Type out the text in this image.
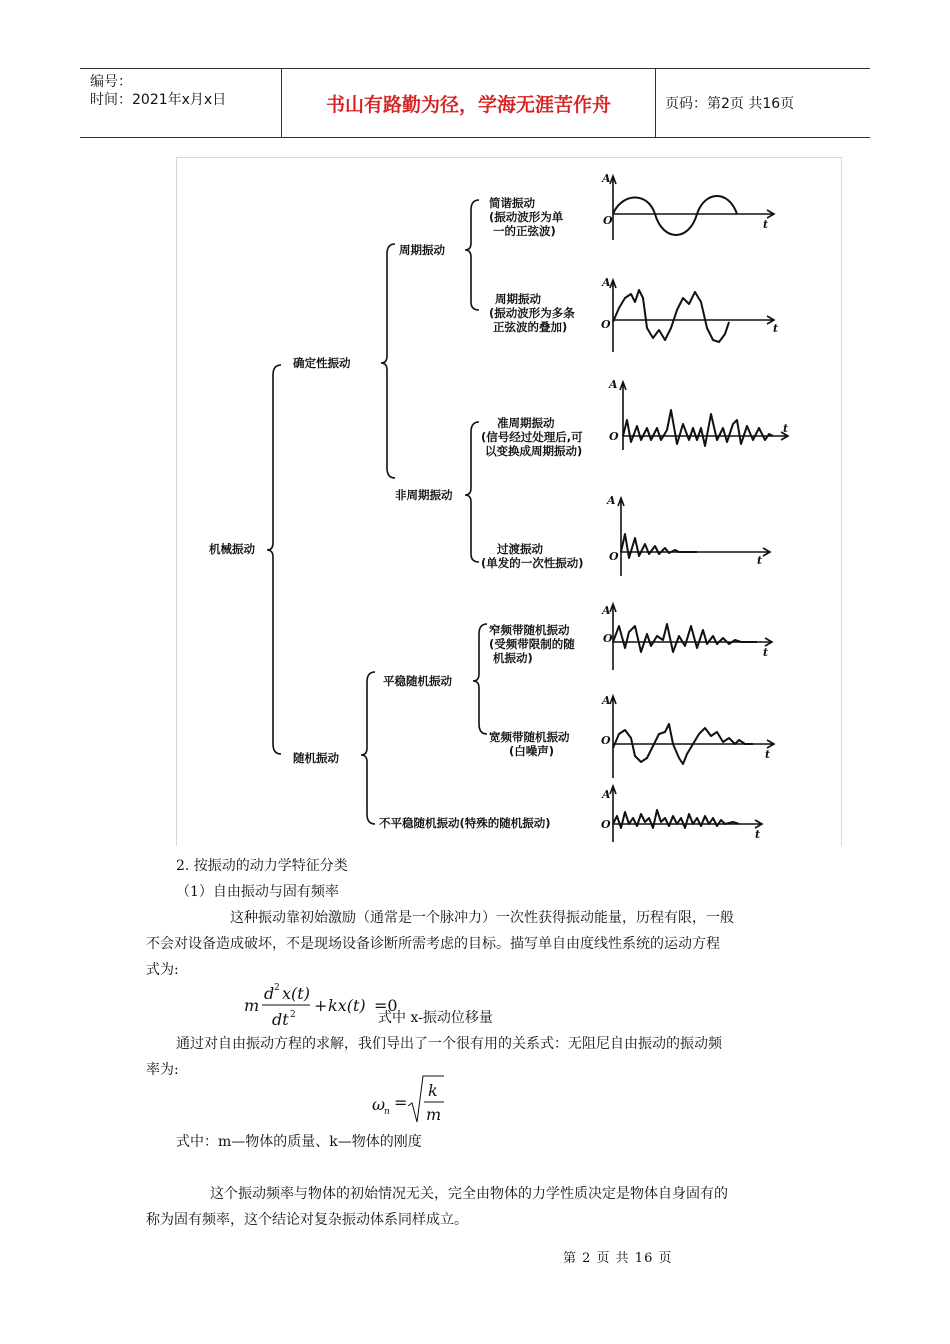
编号：
时间：2021年x月x日	书山有路勤为径，学海无涯苦作舟	页码：第2页 共16页
机械振动
确定性振动
随机振动
周期振动
非周期振动
平稳随机振动
不平稳随机振动(特殊的随机振动)
简谐振动
(振动波形为单
一的正弦波)
周期振动
(振动波形为多条
正弦波的叠加)
准周期振动
(信号经过处理后,可
以变换成周期振动)
过渡振动
(单发的一次性振动)
窄频带随机振动
(受频带限制的随
机振动)
宽频带随机振动
(白噪声)
A
O	t
A
O	t
A
O
t
A
O	t
A
O
t
A
O
t
A
O
t
2. 按振动的动力学特征分类
（1）自由振动与固有频率
这种振动靠初始激励（通常是一个脉冲力）一次性获得振动能量，历程有限，一般
不会对设备造成破坏，不是现场设备诊断所需考虑的目标。描写单自由度线性系统的运动方程
式为:
m
d 2 x(t)
dt 2 + kx(t) =0
式中 x-振动位移量
通过对自由振动方程的求解，我们导出了一个很有用的关系式：无阻尼自由振动的振动频
率为:
ω
n =
k
m
式中：m—物体的质量、k—物体的刚度
这个振动频率与物体的初始情况无关，完全由物体的力学性质决定是物体自身固有的
称为固有频率，这个结论对复杂振动体系同样成立。
第 2 页 共 16 页
